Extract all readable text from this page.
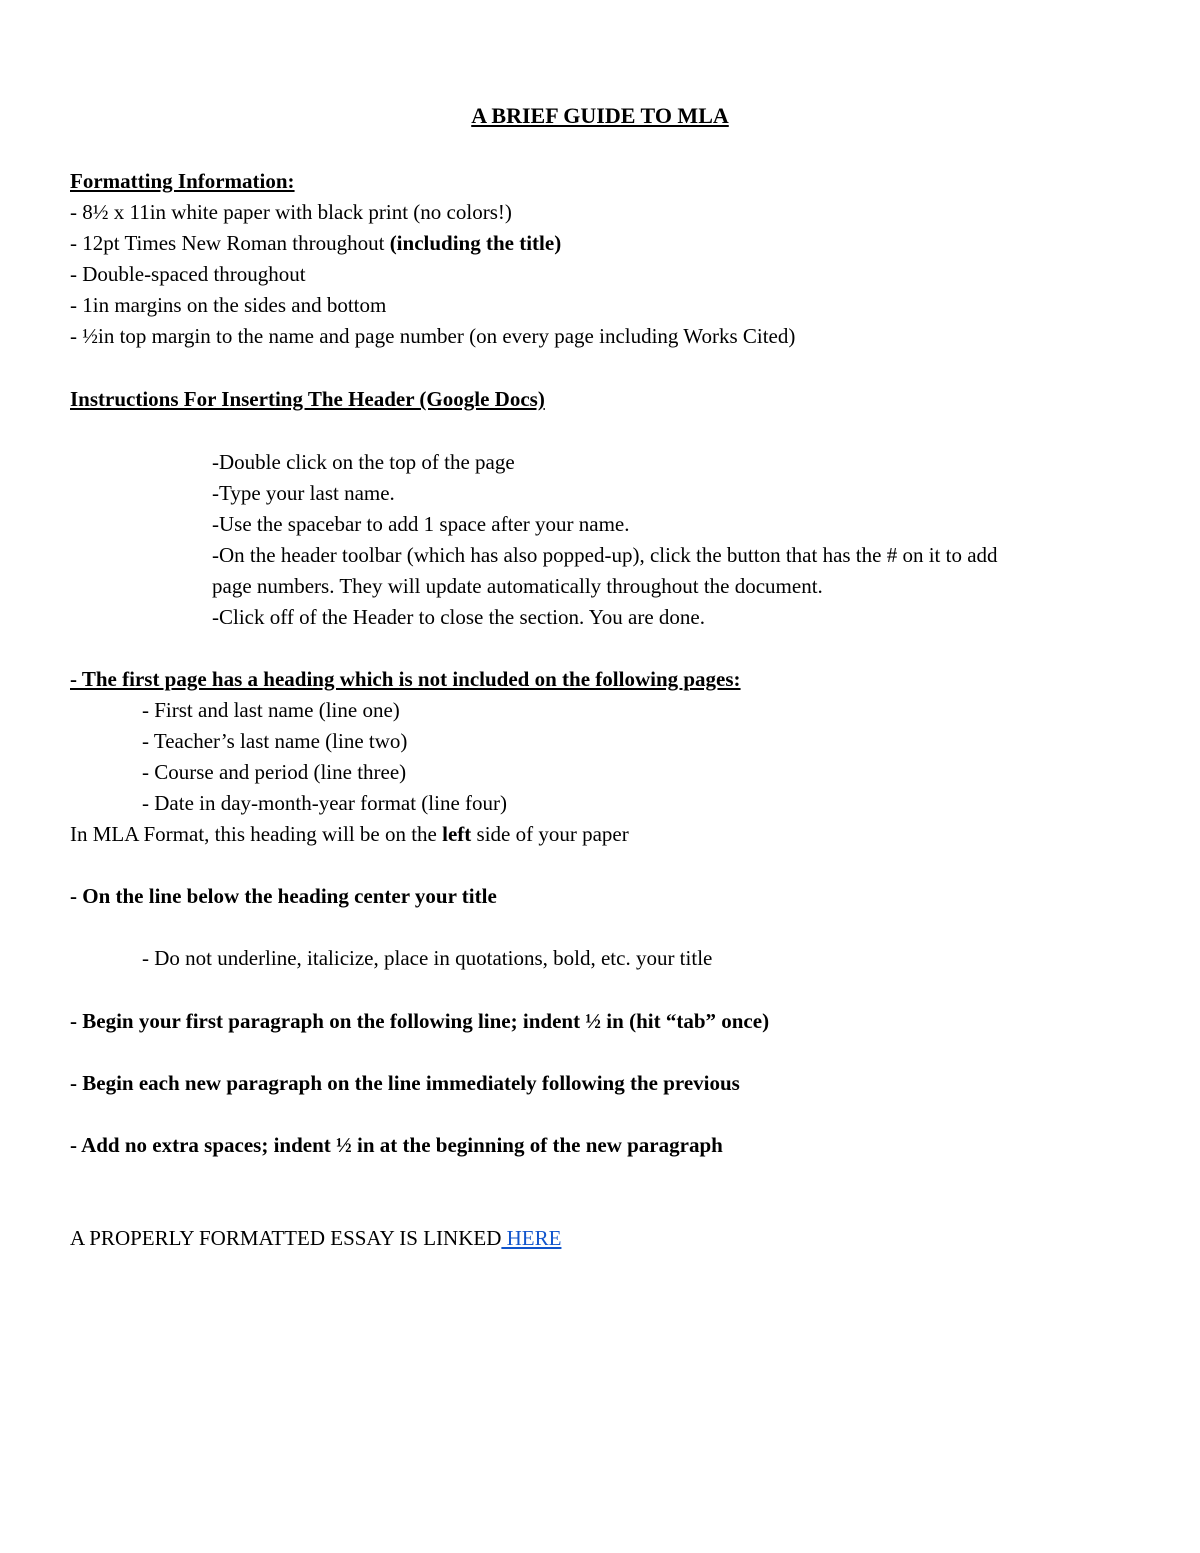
A BRIEF GUIDE TO MLA
Formatting Information:
- 8½ x 11in white paper with black print (no colors!)
- 12pt Times New Roman throughout (including the title)
- Double-spaced throughout
- 1in margins on the sides and bottom
- ½in top margin to the name and page number (on every page including Works Cited)
Instructions For Inserting The Header (Google Docs)
-Double click on the top of the page
-Type your last name.
-Use the spacebar to add 1 space after your name.
-On the header toolbar (which has also popped-up), click the button that has the # on it to add
page numbers. They will update automatically throughout the document.
-Click off of the Header to close the section. You are done.
- The first page has a heading which is not included on the following pages:
- First and last name (line one)
- Teacher’s last name (line two)
- Course and period (line three)
- Date in day-month-year format (line four)
In MLA Format, this heading will be on the left side of your paper
- On the line below the heading center your title
- Do not underline, italicize, place in quotations, bold, etc. your title
- Begin your first paragraph on the following line; indent ½ in (hit “tab” once)
- Begin each new paragraph on the line immediately following the previous
- Add no extra spaces; indent ½ in at the beginning of the new paragraph
A PROPERLY FORMATTED ESSAY IS LINKED HERE
